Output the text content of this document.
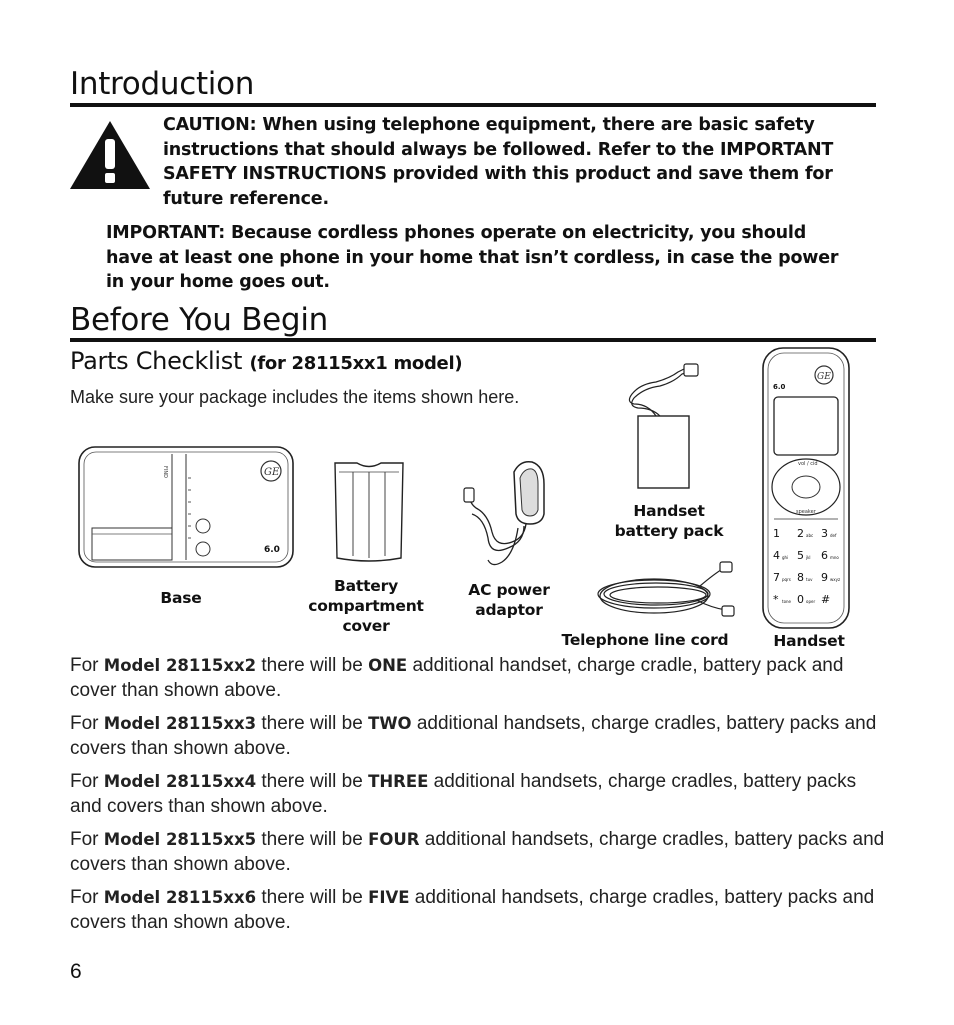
Introduction
CAUTION: When using telephone equipment, there are basic safety
instructions that should always be followed. Refer to the IMPORTANT
SAFETY INSTRUCTIONS provided with this product and save them for
future reference.
IMPORTANT: Because cordless phones operate on electricity, you should
have at least one phone in your home that isn’t cordless, in case the power
in your home goes out.
Before You Begin
Parts Checklist (for 28115xx1 model)
Make sure your package includes the items shown here.
FIND	GE
6.0
Base
Battery
compartment
cover
AC power
adaptor
Handset
battery pack
Telephone line cord
GE
6.0
vol / cid
speaker
1 2 abc 3 def
4 ghi 5 jkl 6 mno
7 pqrs 8 tuv 9 wxyz
* tone 0 oper #
Handset
For Model 28115xx2 there will be ONE additional handset, charge cradle, battery pack and
cover than shown above.
For Model 28115xx3 there will be TWO additional handsets, charge cradles, battery packs and
covers than shown above.
For Model 28115xx4 there will be THREE additional handsets, charge cradles, battery packs
and covers than shown above.
For Model 28115xx5 there will be FOUR additional handsets, charge cradles, battery packs and
covers than shown above.
For Model 28115xx6 there will be FIVE additional handsets, charge cradles, battery packs and
covers than shown above.
6
